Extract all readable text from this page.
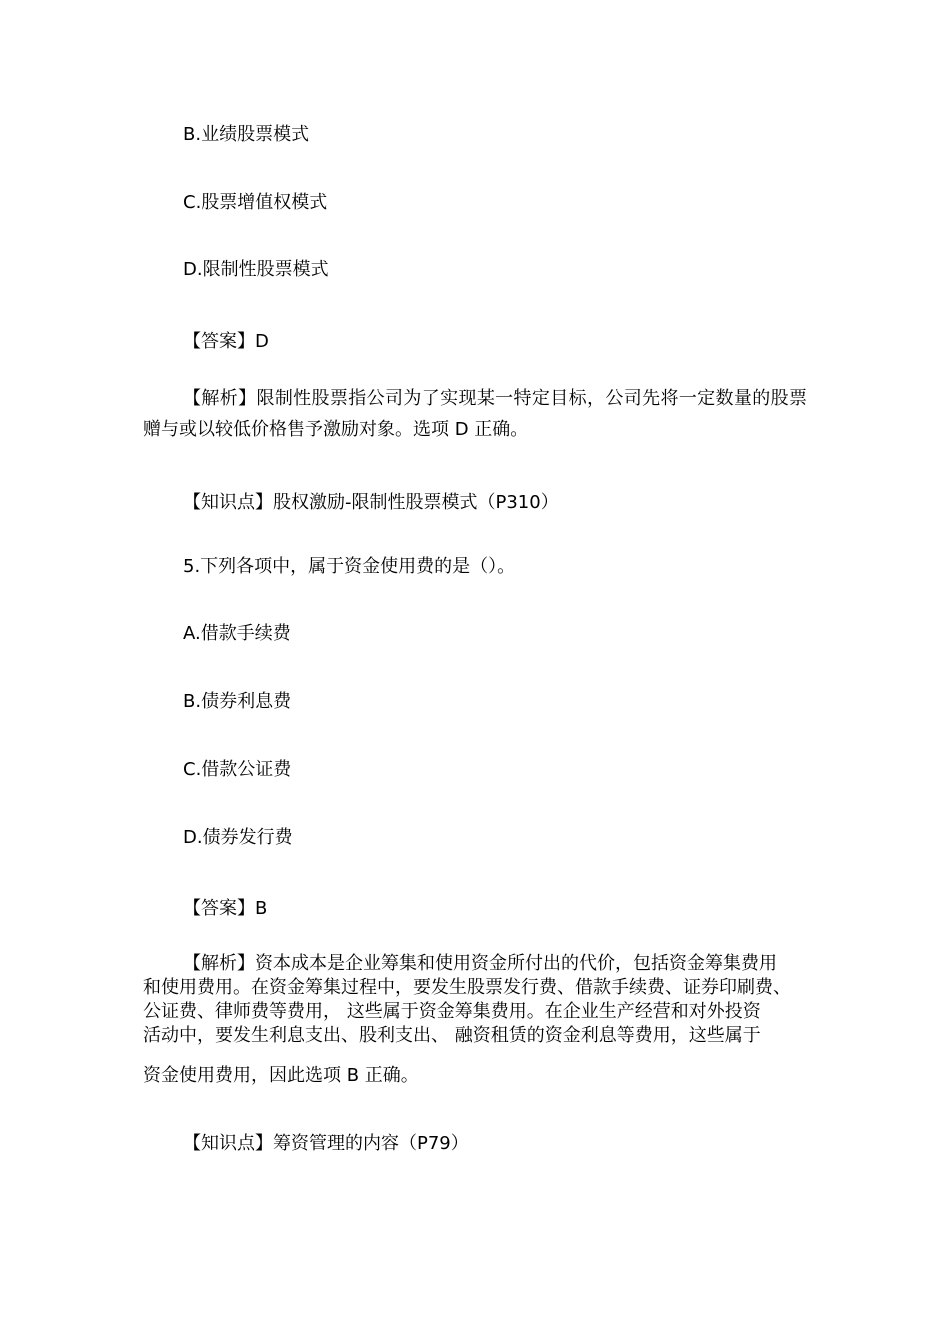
B.业绩股票模式
C.股票增值权模式
D.限制性股票模式
【答案】D
【解析】限制性股票指公司为了实现某一特定目标，公司先将一定数量的股票赠与或以较低价格售予激励对象。选项 D 正确。
【知识点】股权激励-限制性股票模式（P310）
5.下列各项中，属于资金使用费的是（）。
A.借款手续费
B.债券利息费
C.借款公证费
D.债券发行费
【答案】B
【解析】资本成本是企业筹集和使用资金所付出的代价，包括资金筹集费用
和使用费用。在资金筹集过程中，要发生股票发行费、借款手续费、证券印刷费、
公证费、律师费等费用， 这些属于资金筹集费用。在企业生产经营和对外投资
活动中，要发生利息支出、股利支出、 融资租赁的资金利息等费用，这些属于
资金使用费用，因此选项 B 正确。
【知识点】筹资管理的内容（P79）
